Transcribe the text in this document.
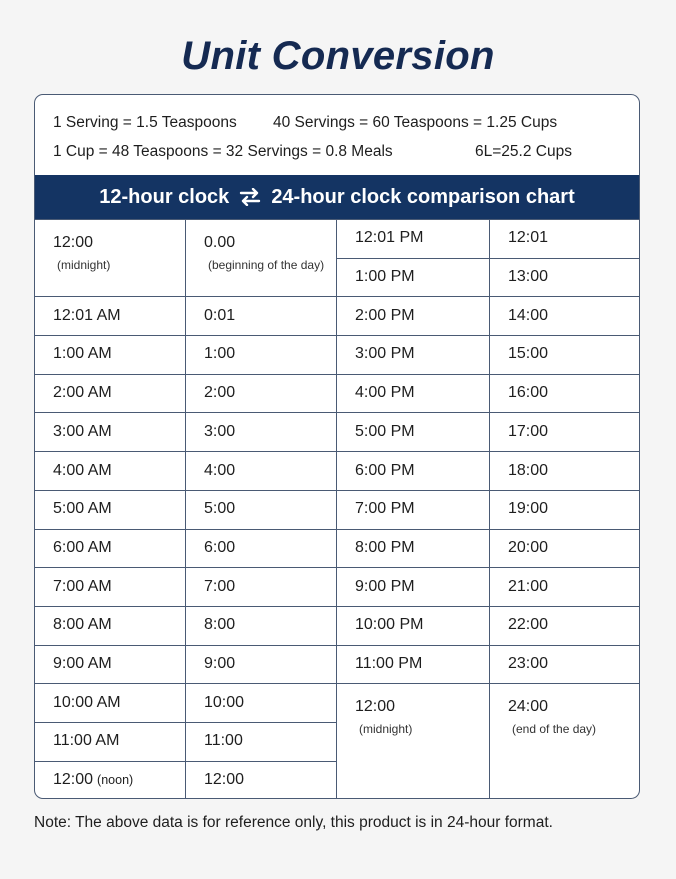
Unit Conversion
1 Serving = 1.5 Teaspoons 40 Servings = 60 Teaspoons = 1.25 Cups
1 Cup = 48 Teaspoons = 32 Servings = 0.8 Meals	6L=25.2 Cups
12-hour clock 24-hour clock comparison chart
12:00
(midnight)
12:01 AM
1:00 AM
2:00 AM
3:00 AM
4:00 AM
5:00 AM
6:00 AM
7:00 AM
8:00 AM
9:00 AM
10:00 AM
11:00 AM
12:00 (noon)
0.00
(beginning of the day)
0:01
1:00
2:00
3:00
4:00
5:00
6:00
7:00
8:00
9:00
10:00
11:00
12:00
12:01 PM
1:00 PM
2:00 PM
3:00 PM
4:00 PM
5:00 PM
6:00 PM
7:00 PM
8:00 PM
9:00 PM
10:00 PM
11:00 PM
12:00
(midnight)
12:01
13:00
14:00
15:00
16:00
17:00
18:00
19:00
20:00
21:00
22:00
23:00
24:00
(end of the day)
Note: The above data is for reference only, this product is in 24-hour format.
